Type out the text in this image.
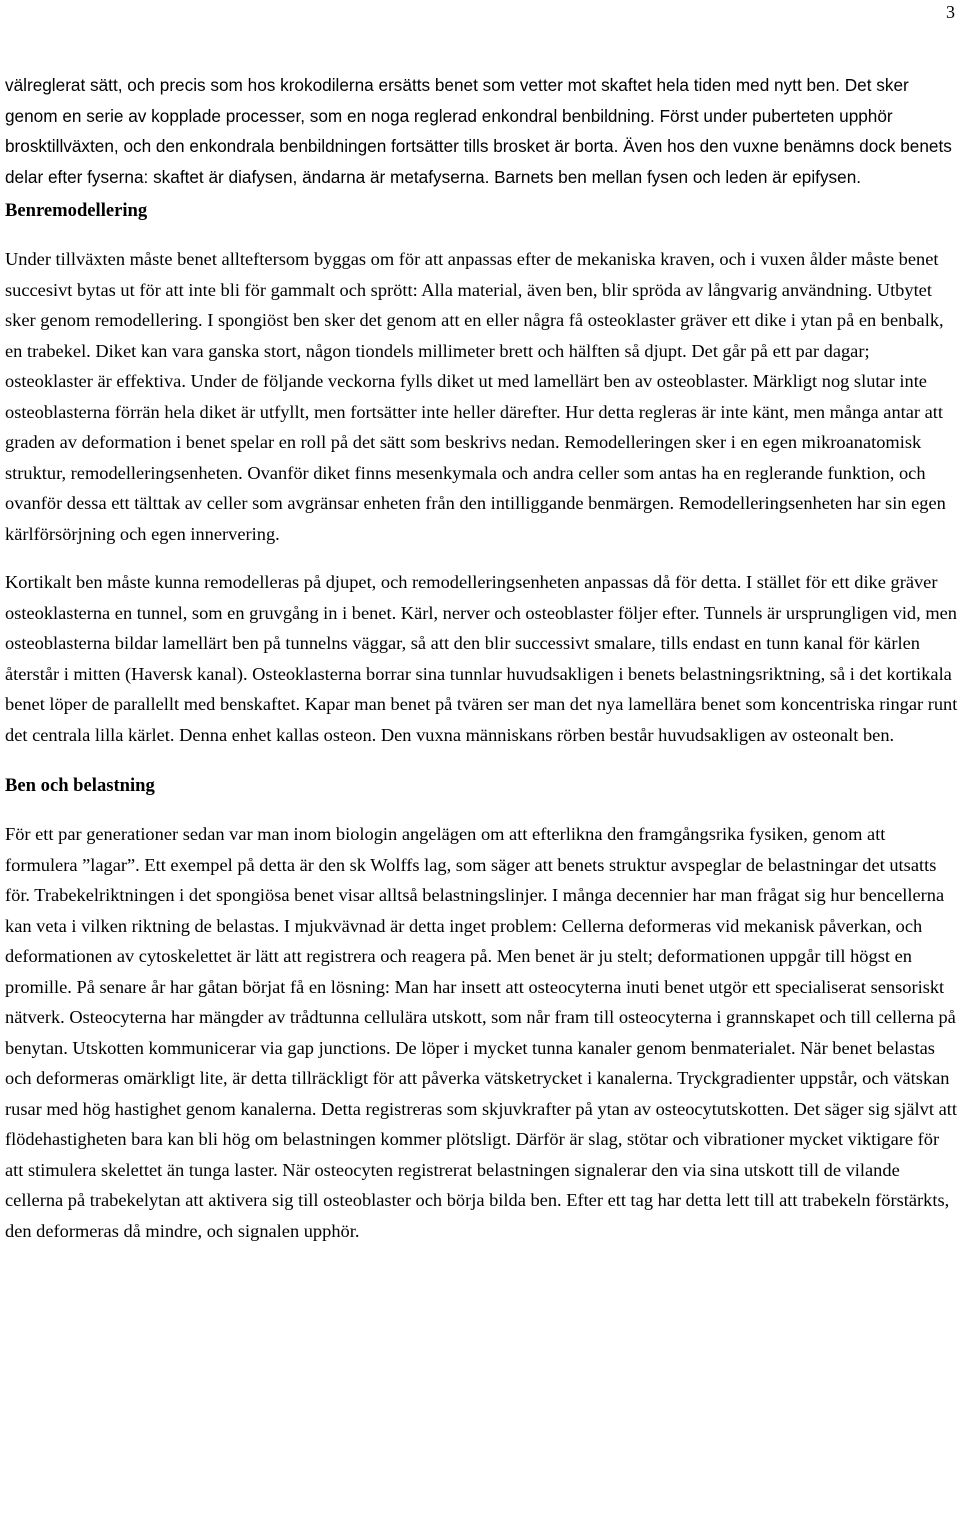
3

välreglerat sätt, och precis som hos krokodilerna ersätts benet som vetter mot skaftet hela tiden med nytt ben. Det sker genom en serie av kopplade processer, som en noga reglerad enkondral benbildning. Först under puberteten upphör brosktillväxten, och den enkondrala benbildningen fortsätter tills brosket är borta. Även hos den vuxne benämns dock benets delar efter fyserna: skaftet är diafysen, ändarna är metafyserna. Barnets ben mellan fysen och leden är epifysen.

Benremodellering

Under tillväxten måste benet allteftersom byggas om för att anpassas efter de mekaniska kraven, och i vuxen ålder måste benet succesivt bytas ut för att inte bli för gammalt och sprött: Alla material, även ben, blir spröda av långvarig användning. Utbytet sker genom remodellering. I spongiöst ben sker det genom att en eller några få osteoklaster gräver ett dike i ytan på en benbalk, en trabekel. Diket kan vara ganska stort, någon tiondels millimeter brett och hälften så djupt. Det går på ett par dagar; osteoklaster är effektiva. Under de följande veckorna fylls diket ut med lamellärt ben av osteoblaster. Märkligt nog slutar inte osteoblasterna förrän hela diket är utfyllt, men fortsätter inte heller därefter. Hur detta regleras är inte känt, men många antar att graden av deformation i benet spelar en roll på det sätt som beskrivs nedan. Remodelleringen sker i en egen mikroanatomisk struktur, remodelleringsenheten. Ovanför diket finns mesenkymala och andra celler som antas ha en reglerande funktion, och ovanför dessa ett tälttak av celler som avgränsar enheten från den intilliggande benmärgen. Remodelleringsenheten har sin egen kärlförsörjning och egen innervering.

Kortikalt ben måste kunna remodelleras på djupet, och remodelleringsenheten anpassas då för detta. I stället för ett dike gräver osteoklasterna en tunnel, som en gruvgång in i benet. Kärl, nerver och osteoblaster följer efter. Tunnels är ursprungligen vid, men osteoblasterna bildar lamellärt ben på tunnelns väggar, så att den blir successivt smalare, tills endast en tunn kanal för kärlen återstår i mitten (Haversk kanal). Osteoklasterna borrar sina tunnlar huvudsakligen i benets belastningsriktning, så i det kortikala benet löper de parallellt med benskaftet. Kapar man benet på tvären ser man det nya lamellära benet som koncentriska ringar runt det centrala lilla kärlet. Denna enhet kallas osteon. Den vuxna människans rörben består huvudsakligen av osteonalt ben.

Ben och belastning

För ett par generationer sedan var man inom biologin angelägen om att efterlikna den framgångsrika fysiken, genom att formulera ”lagar”. Ett exempel på detta är den sk Wolffs lag, som säger att benets struktur avspeglar de belastningar det utsatts för. Trabekelriktningen i det spongiösa benet visar alltså belastningslinjer. I många decennier har man frågat sig hur bencellerna kan veta i vilken riktning de belastas. I mjukvävnad är detta inget problem: Cellerna deformeras vid mekanisk påverkan, och deformationen av cytoskelettet är lätt att registrera och reagera på. Men benet är ju stelt; deformationen uppgår till högst en promille. På senare år har gåtan börjat få en lösning: Man har insett att osteocyterna inuti benet utgör ett specialiserat sensoriskt nätverk. Osteocyterna har mängder av trådtunna cellulära utskott, som når fram till osteocyterna i grannskapet och till cellerna på benytan. Utskotten kommunicerar via gap junctions. De löper i mycket tunna kanaler genom benmaterialet. När benet belastas och deformeras omärkligt lite, är detta tillräckligt för att påverka vätsketrycket i kanalerna. Tryckgradienter uppstår, och vätskan rusar med hög hastighet genom kanalerna. Detta registreras som skjuvkrafter på ytan av osteocytutskotten. Det säger sig självt att flödehastigheten bara kan bli hög om belastningen kommer plötsligt. Därför är slag, stötar och vibrationer mycket viktigare för att stimulera skelettet än tunga laster. När osteocyten registrerat belastningen signalerar den via sina utskott till de vilande cellerna på trabekelytan att aktivera sig till osteoblaster och börja bilda ben. Efter ett tag har detta lett till att trabekeln förstärkts, den deformeras då mindre, och signalen upphör.
